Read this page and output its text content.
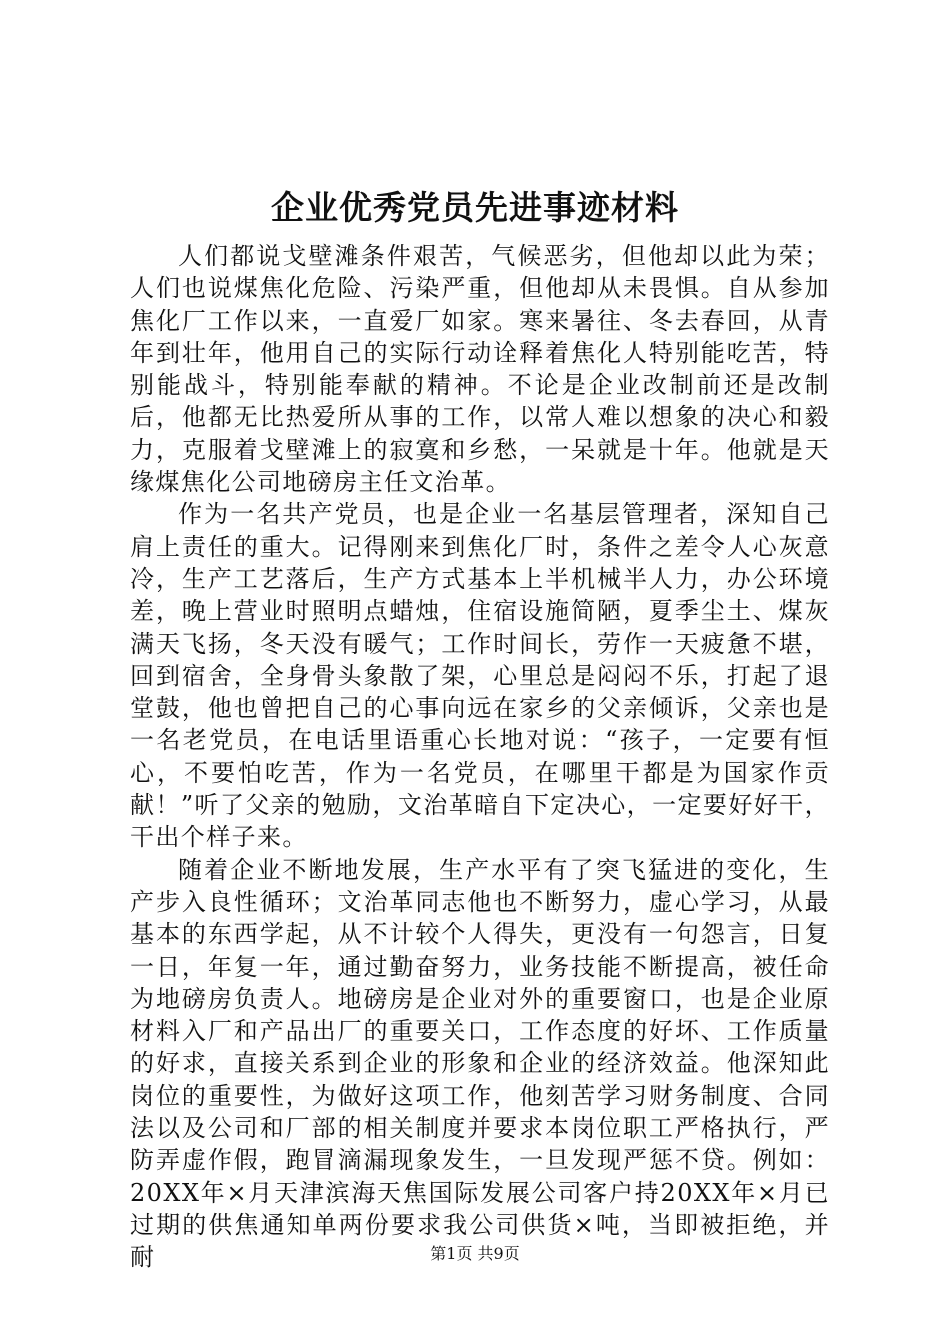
企业优秀党员先进事迹材料

人们都说戈壁滩条件艰苦，气候恶劣，但他却以此为荣；人们也说煤焦化危险、污染严重，但他却从未畏惧。自从参加焦化厂工作以来，一直爱厂如家。寒来暑往、冬去春回，从青年到壮年，他用自己的实际行动诠释着焦化人特别能吃苦，特别能战斗，特别能奉献的精神。不论是企业改制前还是改制后，他都无比热爱所从事的工作，以常人难以想象的决心和毅力，克服着戈壁滩上的寂寞和乡愁，一呆就是十年。他就是天缘煤焦化公司地磅房主任文治革。

作为一名共产党员，也是企业一名基层管理者，深知自己肩上责任的重大。记得刚来到焦化厂时，条件之差令人心灰意冷，生产工艺落后，生产方式基本上半机械半人力，办公环境差，晚上营业时照明点蜡烛，住宿设施简陋，夏季尘土、煤灰满天飞扬，冬天没有暖气；工作时间长，劳作一天疲惫不堪，回到宿舍，全身骨头象散了架，心里总是闷闷不乐，打起了退堂鼓，他也曾把自己的心事向远在家乡的父亲倾诉，父亲也是一名老党员，在电话里语重心长地对说：“孩子，一定要有恒心，不要怕吃苦，作为一名党员，在哪里干都是为国家作贡献！”听了父亲的勉励，文治革暗自下定决心，一定要好好干，干出个样子来。

随着企业不断地发展，生产水平有了突飞猛进的变化，生产步入良性循环；文治革同志他也不断努力，虚心学习，从最基本的东西学起，从不计较个人得失，更没有一句怨言，日复一日，年复一年，通过勤奋努力，业务技能不断提高，被任命为地磅房负责人。地磅房是企业对外的重要窗口，也是企业原材料入厂和产品出厂的重要关口，工作态度的好坏、工作质量的好求，直接关系到企业的形象和企业的经济效益。他深知此岗位的重要性，为做好这项工作，他刻苦学习财务制度、合同法以及公司和厂部的相关制度并要求本岗位职工严格执行，严防弄虚作假，跑冒滴漏现象发生，一旦发现严惩不贷。例如：20XX年×月天津滨海天焦国际发展公司客户持20XX年×月已过期的供焦通知单两份要求我公司供货×吨，当即被拒绝，并耐	第1页 共9页
